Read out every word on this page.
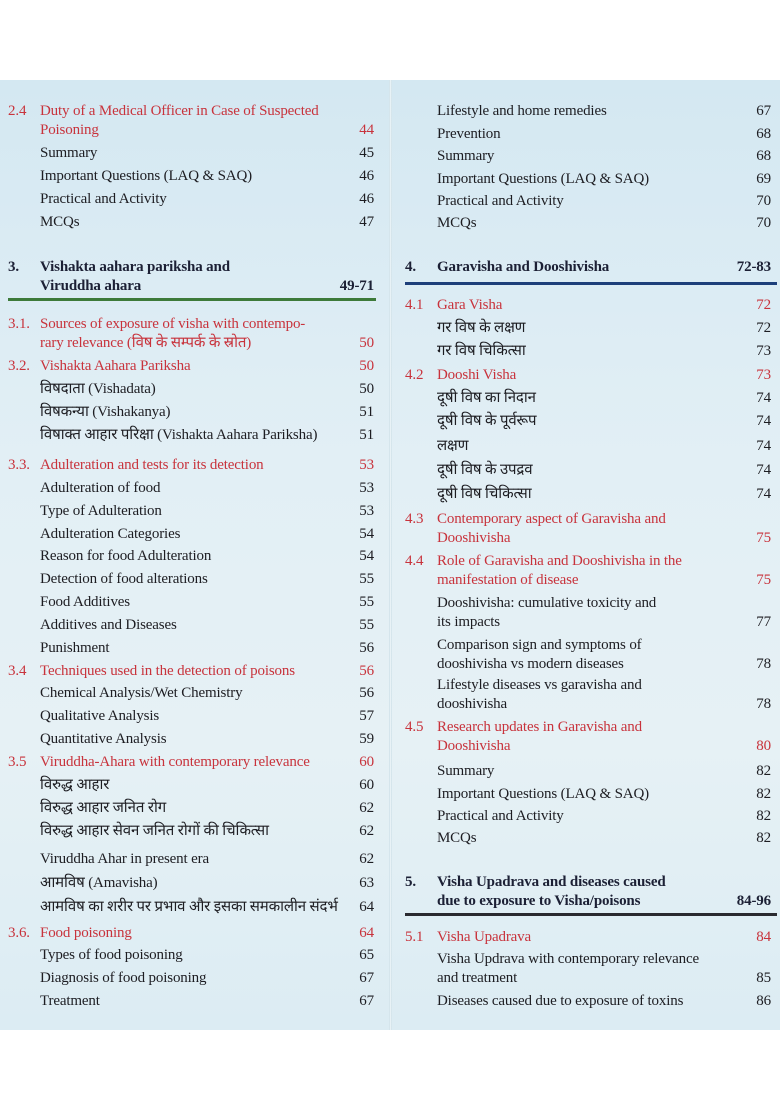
2.4 Duty of a Medical Officer in Case of Suspected
Poisoning	44
Summary	45
Important Questions (LAQ & SAQ)	46
Practical and Activity	46
MCQs	47
3.	Vishakta aahara pariksha and
Viruddha ahara	49-71
3.1. Sources of exposure of visha with contempo-
rary relevance (विष के सम्पर्क के स्रोत)	50
3.2. Vishakta Aahara Pariksha	50
विषदाता (Vishadata)	50
विषकन्या (Vishakanya)	51
विषाक्त आहार परिक्षा (Vishakta Aahara Pariksha)	51
3.3. Adulteration and tests for its detection	53
Adulteration of food	53
Type of Adulteration	53
Adulteration Categories	54
Reason for food Adulteration	54
Detection of food alterations	55
Food Additives	55
Additives and Diseases	55
Punishment	56
3.4 Techniques used in the detection of poisons	56
Chemical Analysis/Wet Chemistry	56
Qualitative Analysis	57
Quantitative Analysis	59
3.5 Viruddha-Ahara with contemporary relevance	60
विरुद्ध आहार	60
विरुद्ध आहार जनित रोग	62
विरुद्ध आहार सेवन जनित रोगों की चिकित्सा	62
Viruddha Ahar in present era	62
आमविष (Amavisha)	63
आमविष का शरीर पर प्रभाव और इसका समकालीन संदर्भ	64
3.6. Food poisoning	64
Types of food poisoning	65
Diagnosis of food poisoning	67
Treatment	67
Lifestyle and home remedies	67
Prevention	68
Summary	68
Important Questions (LAQ & SAQ)	69
Practical and Activity	70
MCQs	70
4.	Garavisha and Dooshivisha	72-83
4.1 Gara Visha	72
गर विष के लक्षण	72
गर विष चिकित्सा	73
4.2 Dooshi Visha	73
दूषी विष का निदान	74
दूषी विष के पूर्वरूप	74
लक्षण	74
दूषी विष के उपद्रव	74
दूषी विष चिकित्सा	74
4.3 Contemporary aspect of Garavisha and
Dooshivisha	75
4.4 Role of Garavisha and Dooshivisha in the
manifestation of disease	75
Dooshivisha: cumulative toxicity and
its impacts	77
Comparison sign and symptoms of
dooshivisha vs modern diseases	78
Lifestyle diseases vs garavisha and
dooshivisha	78
4.5 Research updates in Garavisha and
Dooshivisha	80
Summary	82
Important Questions (LAQ & SAQ)	82
Practical and Activity	82
MCQs	82
5.	Visha Upadrava and diseases caused
due to exposure to Visha/poisons	84-96
5.1 Visha Upadrava	84
Visha Updrava with contemporary relevance
and treatment	85
Diseases caused due to exposure of toxins	86
